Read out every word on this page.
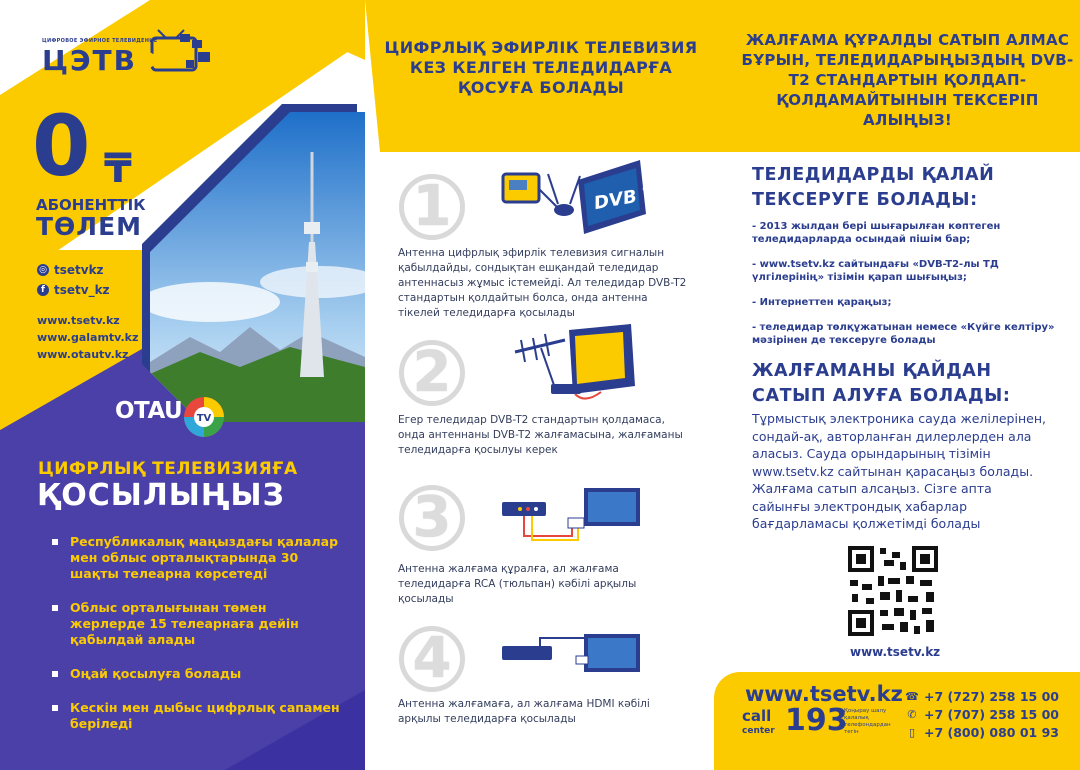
ЦИФРОВОЕ ЭФИРНОЕ ТЕЛЕВИДЕНИЕ
ЦЭТВ
0 ₸
АБОНЕНТТІК
ТӨЛЕМ
◎ tsetvkz
f tsetv_kz
www.tsetv.kz
www.galamtv.kz
www.otautv.kz
OTAU TV
ЦИФРЛЫҚ ТЕЛЕВИЗИЯҒА
ҚОСЫЛЫҢЫЗ
Республикалық маңыздағы қалалар мен облыс орталықтарында 30 шақты телеарна көрсетеді
Облыс орталығынан төмен жерлерде 15 телеарнаға дейін қабылдай алады
Оңай қосылуға болады
Кескін мен дыбыс цифрлық сапамен беріледі
ЦИФРЛЫҚ ЭФИРЛІК ТЕЛЕВИЗИЯ КЕЗ КЕЛГЕН ТЕЛЕДИДАРҒА ҚОСУҒА БОЛАДЫ
ЖАЛҒАМА ҚҰРАЛДЫ САТЫП АЛМАС БҰРЫН, ТЕЛЕДИДАРЫҢЫЗДЫҢ DVB-T2 СТАНДАРТЫН ҚОЛДАП-ҚОЛДАМАЙТЫНЫН ТЕКСЕРІП АЛЫҢЫЗ!
1	DVB T2
Антенна цифрлық эфирлік телевизия сигналын қабылдайды, сондықтан ешқандай теледидар антеннасыз жұмыс істемейді. Ал теледидар DVB-T2 стандартын қолдайтын болса, онда антенна тікелей теледидарға қосылады
2
Егер теледидар DVB-T2 стандартын қолдамаса, онда антеннаны DVB-T2 жалғамасына, жалғаманы теледидарға қосылуы керек
3
Антенна жалғама құралға, ал жалғама теледидарға RCA (тюльпан) кәбілі арқылы қосылады
4
Антенна жалғамаға, ал жалғама HDMI кәбілі арқылы теледидарға қосылады
ТЕЛЕДИДАРДЫ ҚАЛАЙ ТЕКСЕРУГЕ БОЛАДЫ:
- 2013 жылдан бері шығарылған көптеген теледидарларда осындай пішім бар;
- www.tsetv.kz сайтындағы «DVB-T2-лы ТД үлгілерінің» тізімін қарап шығыңыз;
- Интернеттен қараңыз;
- теледидар төлқұжатынан немесе «Күйге келтіру» мәзірінен де тексеруге болады
ЖАЛҒАМАНЫ ҚАЙДАН САТЫП АЛУҒА БОЛАДЫ:
Тұрмыстық электроника сауда желілерінен, сондай-ақ, авторланған дилерлерден ала аласыз. Сауда орындарының тізімін www.tsetv.kz сайтынан қарасаңыз болады. Жалғама сатып алсаңыз. Сізге апта сайынғы электрондық хабарлар бағдарламасы қолжетімді болады
www.tsetv.kz
www.tsetv.kz
call
center 193
Қоңырау шалу қалалық телефондардан тегін
☎ +7 (727) 258 15 00
✆ +7 (707) 258 15 00
▯ +7 (800) 080 01 93
